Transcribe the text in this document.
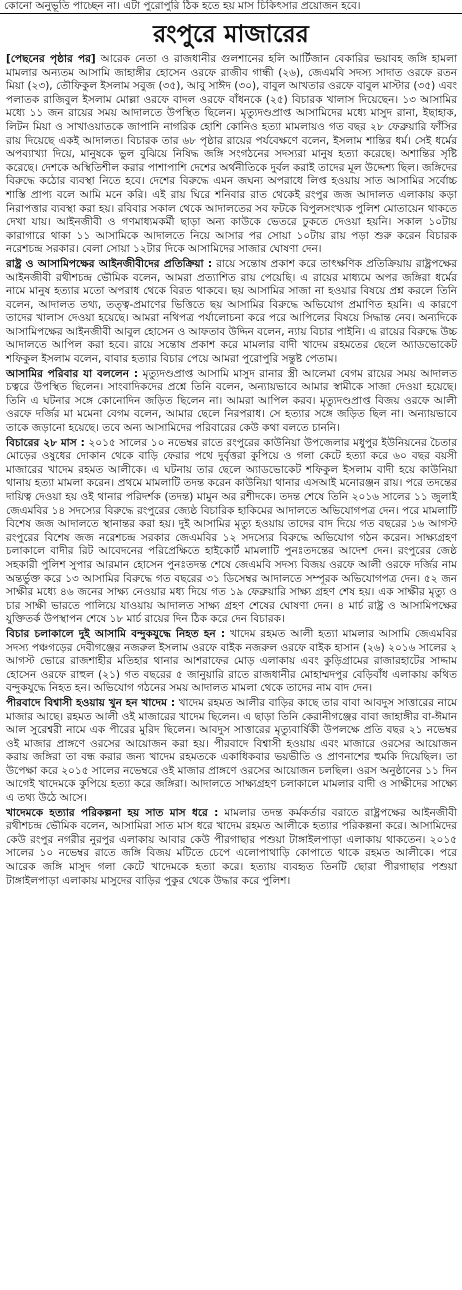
কোনো অনুভূতি পাচ্ছেন না। এটা পুরোপুরি ঠিক হতে হয় মাস চিকিৎসার প্রয়োজন হবে।
রংপুরে মাজারের

[পেছনের পৃষ্ঠার পর] আরেক নেতা ও রাজধানীর গুলশানের হলি আর্টিজান বেকারির ভয়াবহ জঙ্গি হামলা মামলার অন্যতম আসামি জাহাঙ্গীর হোসেন ওরফে রাজীব গান্ধী (২৬), জেএমবি সদস্য সাদাত ওরফে রতন মিয়া (২৩), তৌফিকুল ইসলাম সবুজ (৩৫), আবু সাঈদ (৩০), বাবুল আখতার ওরফে বাবুল মাস্টার (৩৫) এবং পলাতক রাজিবুল ইসলাম মোল্লা ওরফে বাদল ওরফে বাঁধনকে (২৫) বিচারক খালাস দিয়েছেন। ১৩ আসামির মধ্যে ১১ জন রায়ের সময় আদালতে উপস্থিত ছিলেন। মৃত্যুদণ্ডপ্রাপ্ত আসামিদের মধ্যে মাসুদ রানা, ইছাহাক, লিটন মিয়া ও সাখাওয়াতকে জাপানি নাগরিক হোশি কোনিও হত্যা মামলায়ও গত বছর ২৮ ফেব্রুয়ারি ফাঁসির রায় দিয়েছে একই আদালত। বিচারক তার ৬৮ পৃষ্ঠার রায়ের পর্যবেক্ষণে বলেন, ইসলাম শান্তির ধর্ম। সেই ধর্মের অপব্যাখ্যা দিয়ে, মানুষকে ভুল বুঝিয়ে নিষিদ্ধ জঙ্গি সংগঠনের সদস্যরা মানুষ হত্যা করেছে। অশান্তির সৃষ্টি করেছে। দেশকে অস্থিতিশীল করার পাশাপাশি দেশের অর্থনীতিকে দুর্বল করাই তাদের মূল উদ্দেশ্য ছিল। জঙ্গিদের বিরুদ্ধে কঠোর ব্যবস্থা নিতে হবে। দেশের বিরুদ্ধে এমন জঘন্য অপরাধে লিপ্ত হওয়ায় সাত আসামির সর্বোচ্চ শাস্তি প্রাপ্য বলে আমি মনে করি। এই রায় ঘিরে শনিবার রাত থেকেই রংপুর জজ আদালত এলাকায় কড়া নিরাপত্তার ব্যবস্থা করা হয়। রবিবার সকাল থেকে আদালতের সব ফটকে বিপুলসংখ্যক পুলিশ মোতায়েন থাকতে দেখা যায়। আইনজীবী ও গণমাধ্যমকর্মী ছাড়া অন্য কাউকে ভেতরে ঢুকতে দেওয়া হয়নি। সকাল ১০টায় কারাগারে থাকা ১১ আসামিকে আদালতে নিয়ে আসার পর সোয়া ১০টায় রায় পড়া শুরু করেন বিচারক নরেশচন্দ্র সরকার। বেলা সোয়া ১২টার দিকে আসামিদের সাজার ঘোষণা দেন।

রাষ্ট্র ও আসামিপক্ষের আইনজীবীদের প্রতিক্রিয়া : রায়ে সন্তোষ প্রকাশ করে তাৎক্ষণিক প্রতিক্রিয়ায় রাষ্ট্রপক্ষের আইনজীবী রথীশচন্দ্র ভৌমিক বলেন, আমরা প্রত্যাশিত রায় পেয়েছি। এ রায়ের মাধ্যমে অপর জঙ্গিরা ধর্মের নামে মানুষ হত্যার মতো অপরাধ থেকে বিরত থাকবে। ছয় আসামির সাজা না হওয়ার বিষয়ে প্রশ্ন করলে তিনি বলেন, আদালত তথ্য, তত্ত্ব-প্রমাণের ভিত্তিতে ছয় আসামির বিরুদ্ধে অভিযোগ প্রমাণিত হয়নি। এ কারণে তাদের খালাস দেওয়া হয়েছে। আমরা নথিপত্র পর্যালোচনা করে পরে আপিলের বিষয়ে সিদ্ধান্ত নেব। অন্যদিকে আসামিপক্ষের আইনজীবী আবুল হোসেন ও আফতাব উদ্দিন বলেন, ন্যায় বিচার পাইনি। এ রায়ের বিরুদ্ধে উচ্চ আদালতে আপিল করা হবে। রায়ে সন্তোষ প্রকাশ করে মামলার বাদী খাদেম রহমতের ছেলে অ্যাডভোকেট শফিকুল ইসলাম বলেন, বাবার হত্যার বিচার পেয়ে আমরা পুরোপুরি সন্তুষ্ট পেতাম।

আসামির পরিবার যা বললেন : মৃত্যুদণ্ডপ্রাপ্ত আসামি মাসুদ রানার স্ত্রী আলেমা বেগম রায়ের সময় আদালত চত্বরে উপস্থিত ছিলেন। সাংবাদিকদের প্রশ্নে তিনি বলেন, অন্যায়ভাবে আমার স্বামীকে সাজা দেওয়া হয়েছে। তিনি এ ঘটনার সঙ্গে কোনোদিন জড়িত ছিলেন না। আমরা আপিল করব। মৃত্যুদণ্ডপ্রাপ্ত বিজয় ওরফে আলী ওরফে দর্জির মা মমেনা বেগম বলেন, আমার ছেলে নিরপরাধ। সে হত্যার সঙ্গে জড়িত ছিল না। অন্যায়ভাবে তাকে জড়ানো হয়েছে। তবে অন্য আসামিদের পরিবারের কেউ কথা বলতে চাননি।

বিচারের ২৮ মাস : ২০১৫ সালের ১০ নভেম্বর রাতে রংপুরের কাউনিয়া উপজেলার মধুপুর ইউনিয়নের চৈতার মোড়ের ওষুধের দোকান থেকে বাড়ি ফেরার পথে দুর্বৃত্তরা কুপিয়ে ও গলা কেটে হত্যা করে ৬০ বছর বয়সী মাজারের খাদেম রহমত আলীকে। এ ঘটনায় তার ছেলে অ্যাডভোকেট শফিকুল ইসলাম বাদী হয়ে কাউনিয়া থানায় হত্যা মামলা করেন। প্রথমে মামলাটি তদন্ত করেন কাউনিয়া থানার এসআই মনোরঞ্জন রায়। পরে তদন্তের দায়িত্ব দেওয়া হয় ওই থানার পরিদর্শক (তদন্ত) মামুন অর রশীদকে। তদন্ত শেষে তিনি ২০১৬ সালের ১১ জুলাই জেএমবির ১৪ সদস্যের বিরুদ্ধে রংপুরের জ্যেষ্ঠ বিচারিক হাকিমের আদালতে অভিযোগপত্র দেন। পরে মামলাটি বিশেষ জজ আদালতে স্থানান্তর করা হয়। দুই আসামির মৃত্যু হওয়ায় তাদের বাদ দিয়ে গত বছরের ১৬ আগস্ট রংপুরের বিশেষ জজ নরেশচন্দ্র সরকার জেএমবির ১২ সদস্যের বিরুদ্ধে অভিযোগ গঠন করেন। সাক্ষ্যগ্রহণ চলাকালে বাদীর রিট আবেদনের পরিপ্রেক্ষিতে হাইকোর্ট মামলাটি পুনঃতদন্তের আদেশ দেন। রংপুরের জেষ্ঠ সহকারী পুলিশ সুপার আরমান হোসেন পুনঃতদন্ত শেষে জেএমবি সদস্য বিজয় ওরফে আলী ওরফে দর্জির নাম অন্তর্ভুক্ত করে ১৩ আসামির বিরুদ্ধে গত বছরের ৩১ ডিসেম্বর আদালতে সম্পূরক অভিযোগপত্র দেন। ৫২ জন সাক্ষীর মধ্যে ৪৬ জনের সাক্ষ্য নেওয়ার মধ্য দিয়ে গত ১৯ ফেব্রুয়ারি সাক্ষ্য গ্রহণ শেষ হয়। এক সাক্ষীর মৃত্যু ও চার সাক্ষী ভারতে পালিয়ে যাওয়ায় আদালত সাক্ষ্য গ্রহণ শেষের ঘোষণা দেন। ৪ মার্চ রাষ্ট্র ও আসামিপক্ষের যুক্তিতর্ক উপস্থাপন শেষে ১৮ মার্চ রায়ের দিন ঠিক করে দেন বিচারক।

বিচার চলাকালে দুই আসামি বন্দুকযুদ্ধে নিহত হন : খাদেম রহমত আলী হত্যা মামলার আসামি জেএমবির সদস্য পঞ্চগড়ের দেবীগঞ্জের নজরুল ইসলাম ওরফে বাইক নজরুল ওরফে বাইক হাসান (২৬) ২০১৬ সালের ২ আগস্ট ভোরে রাজশাহীর মতিহার থানার আশরাফের মোড় এলাকায় এবং কুড়িগ্রামের রাজারহাটের সাদ্দাম হোসেন ওরফে রাহুল (২১) গত বছরের ৫ জানুয়ারি রাতে রাজধানীর মোহাম্মদপুর বেড়িবাঁধ এলাকায় কথিত বন্দুকযুদ্ধে নিহত হন। অভিযোগ গঠনের সময় আদালত মামলা থেকে তাদের নাম বাদ দেন।

পীরবাদে বিশ্বাসী হওয়ায় খুন হন খাদেম : খাদেম রহমত আলীর বাড়ির কাছে তার বাবা আবদুস সাত্তারের নামে মাজার আছে। রহমত আলী ওই মাজারের খাদেম ছিলেন। এ ছাড়া তিনি কেরানীগঞ্জের বাবা জাহাঙ্গীর বা-ঈমান আল সুরেশ্বরী নামে এক পীরের মুরিদ ছিলেন। আবদুস সাত্তারের মৃত্যুবার্ষিকী উপলক্ষে প্রতি বছর ২১ নভেম্বর ওই মাজার প্রাঙ্গণে ওরসের আয়োজন করা হয়। পীরবাদে বিশ্বাসী হওয়ায় এবং মাজারে ওরসের আয়োজন করায় জঙ্গিরা তা বন্ধ করার জন্য খাদেম রহমতকে একাধিকবার ভয়ভীতি ও প্রাণনাশের হুমকি দিয়েছিল। তা উপেক্ষা করে ২০১৫ সালের নভেম্বরে ওই মাজার প্রাঙ্গণে ওরসের আয়োজন চলছিল। ওরস অনুষ্ঠানের ১১ দিন আগেই খাদেমকে কুপিয়ে হত্যা করে জঙ্গিরা। আদালতে সাক্ষ্যগ্রহণ চলাকালে মামলার বাদী ও সাক্ষীদের সাক্ষ্যে এ তথ্য উঠে আসে।

খাদেমকে হত্যার পরিকল্পনা হয় সাত মাস ধরে : মামলার তদন্ত কর্মকর্তার বরাতে রাষ্ট্রপক্ষের আইনজীবী রথীশচন্দ্র ভৌমিক বলেন, আসামিরা সাত মাস ধরে খাদেম রহমত আলীকে হত্যার পরিকল্পনা করে। আসামিদের কেউ রংপুর নগরীর নুরপুর এলাকায় আবার কেউ পীরগাছার পশুয়া টাঙ্গাইলপাড়া এলাকায় থাকতেন। ২০১৫ সালের ১০ নভেম্বর রাতে জঙ্গি বিজয় মটিতে চেপে এলোপাথাড়ি কোপাতে থাকে রহমত আলীকে। পরে আরেক জঙ্গি মাসুদ গলা কেটে খাদেমকে হত্যা করে। হত্যায় ব্যবহৃত তিনটি ছোরা পীরগাছার পশুয়া টাঙ্গাইলপাড়া এলাকায় মাসুদের বাড়ির পুকুর থেকে উদ্ধার করে পুলিশ।
